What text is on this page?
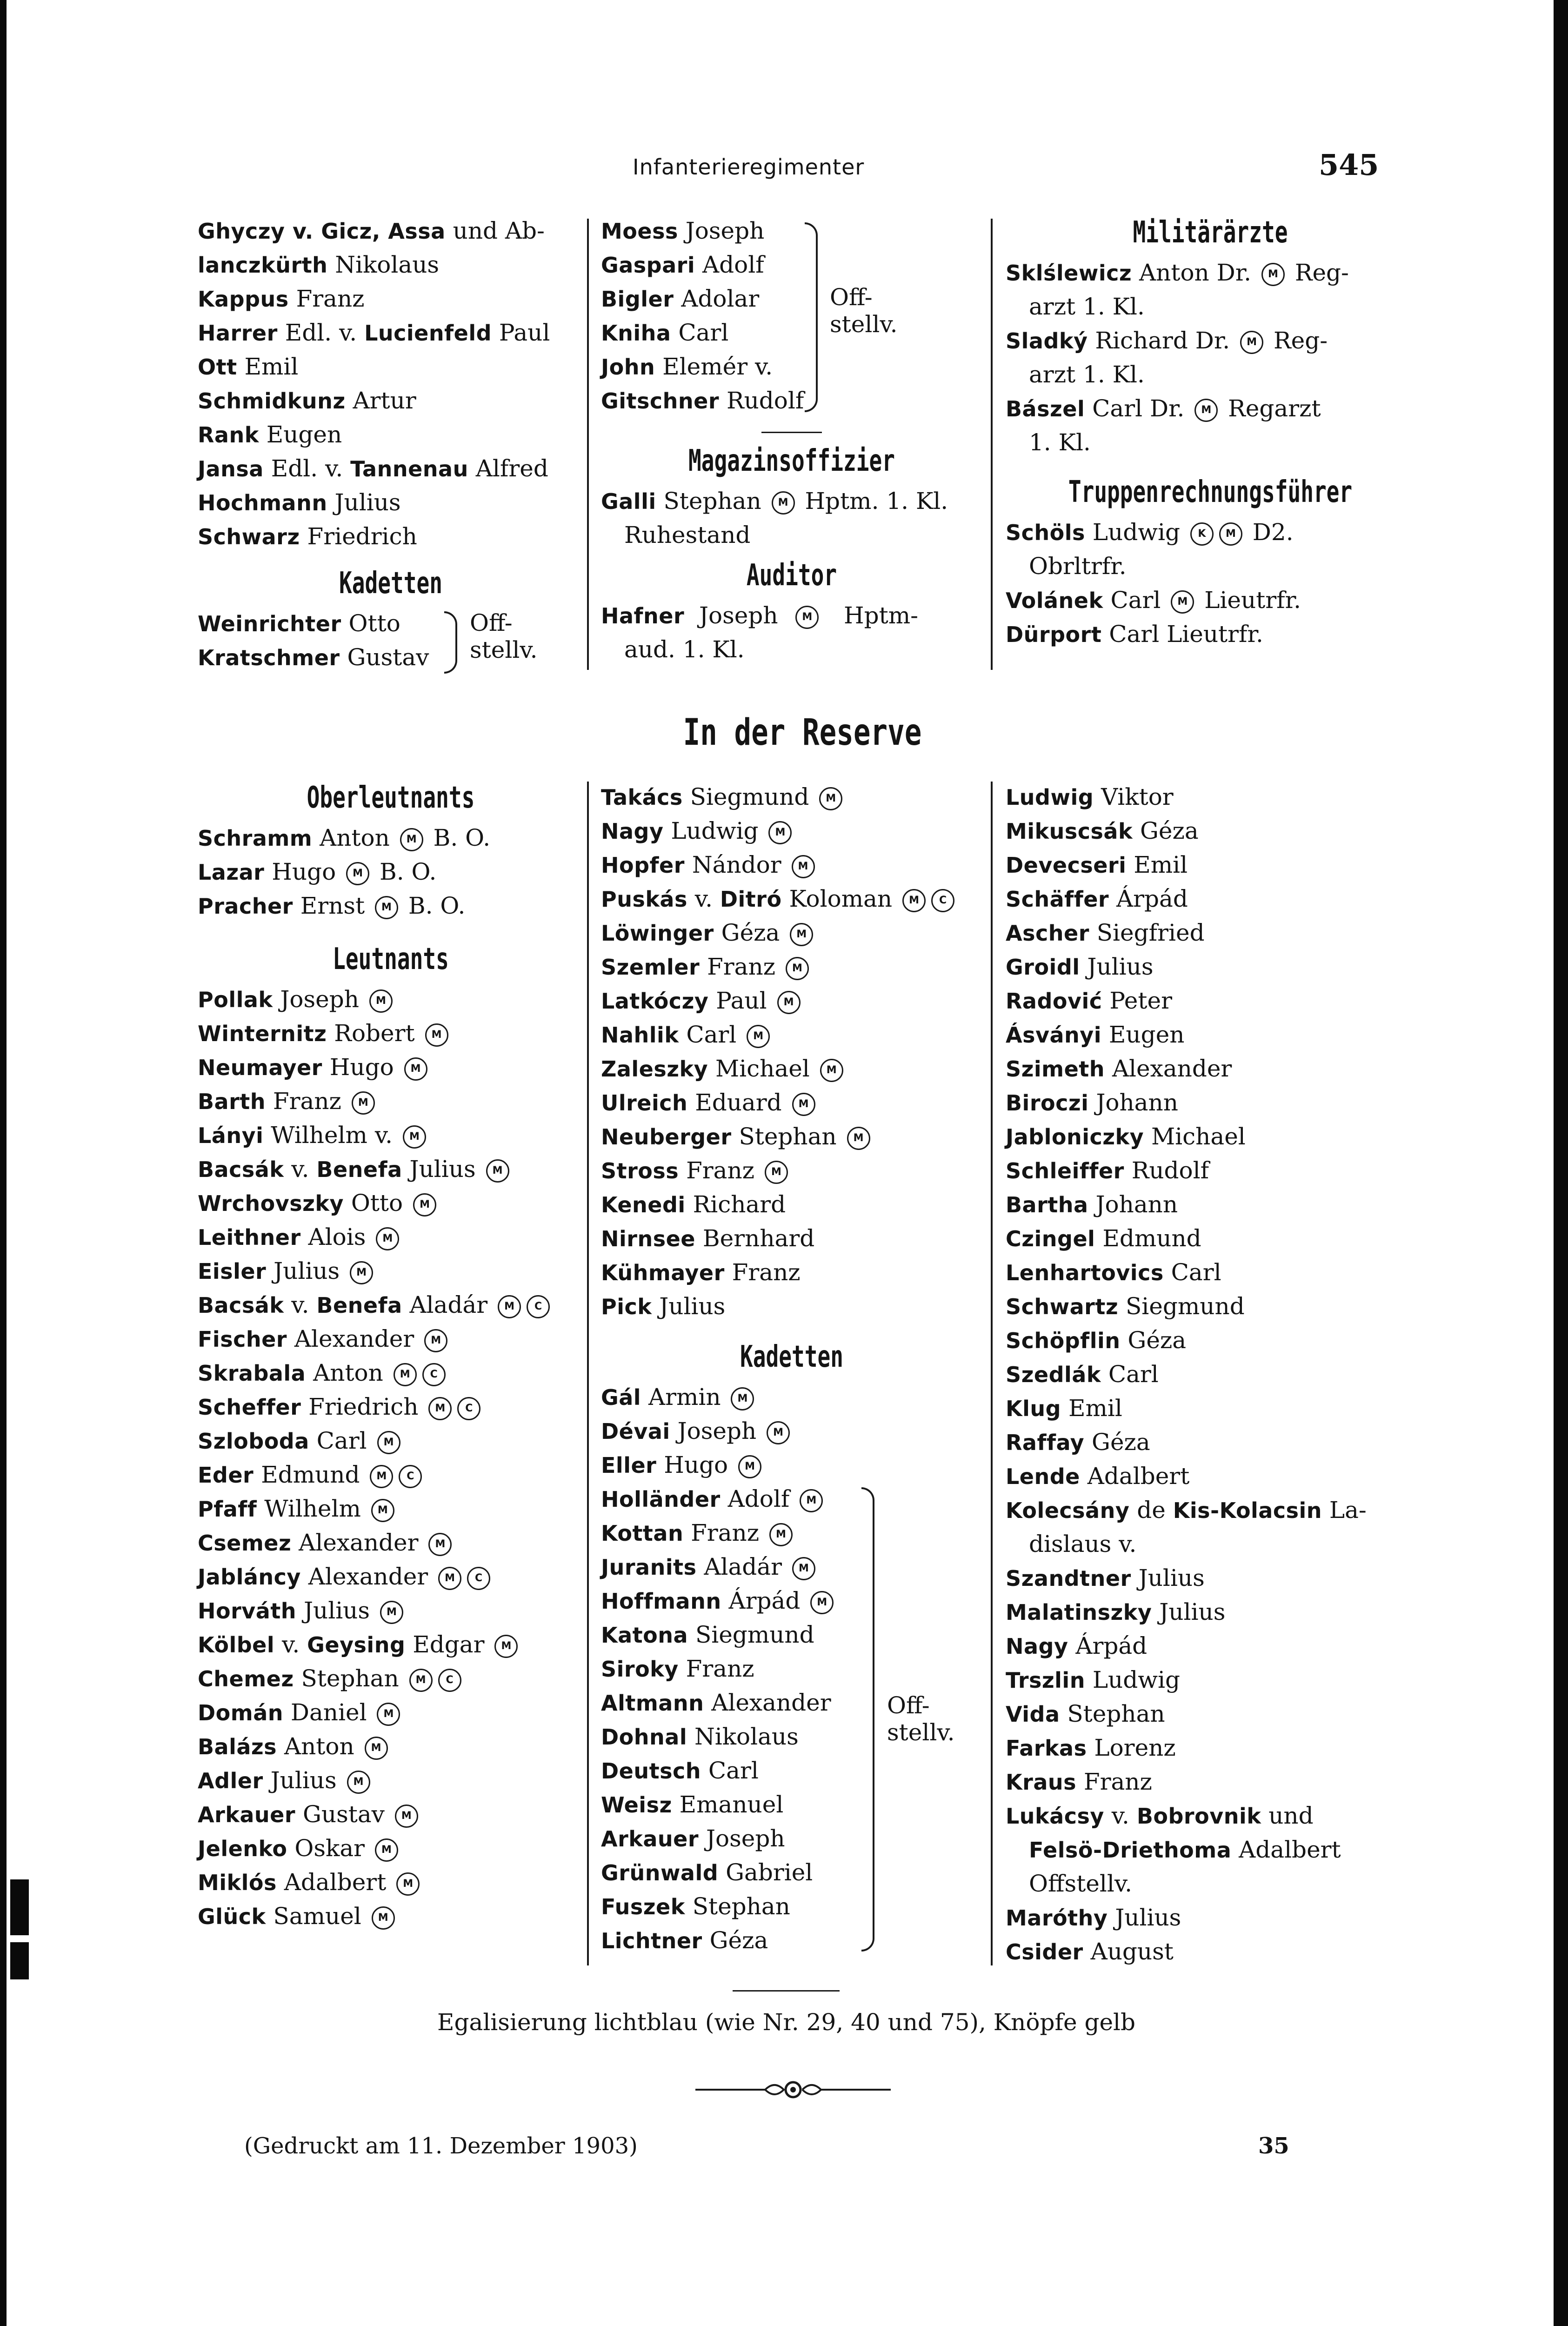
Infanterieregimenter	545
Ghyczy v. Gicz, Assa und Ab-
lanczkürth Nikolaus
Kappus Franz
Harrer Edl. v. Lucienfeld Paul
Ott Emil
Schmidkunz Artur
Rank Eugen
Jansa Edl. v. Tannenau Alfred
Hochmann Julius
Schwarz Friedrich
Kadetten
Weinrichter Otto
Kratschmer Gustav
Off-
stellv.
Moess Joseph
Gaspari Adolf
Bigler Adolar
Kniha Carl
John Elemér v.
Gitschner Rudolf
Off-
stellv.
Magazinsoffizier
Galli Stephan M Hptm. 1. Kl.
Ruhestand
Auditor
Hafner  Joseph  M   Hptm-
aud. 1. Kl.
Militärärzte
Sklślewicz Anton Dr. M Reg-
arzt 1. Kl.
Sladký Richard Dr. M Reg-
arzt 1. Kl.
Bászel Carl Dr. M Regarzt
1. Kl.
Truppenrechnungsführer
Schöls Ludwig K M D2.
Obrltrfr.
Volánek Carl M Lieutrfr.
Dürport Carl Lieutrfr.
In der Reserve
Oberleutnants
Schramm Anton M B. O.
Lazar Hugo M B. O.
Pracher Ernst M B. O.
Leutnants
Pollak Joseph M
Winternitz Robert M
Neumayer Hugo M
Barth Franz M
Lányi Wilhelm v. M
Bacsák v. Benefa Julius M
Wrchovszky Otto M
Leithner Alois M
Eisler Julius M
Bacsák v. Benefa Aladár M C
Fischer Alexander M
Skrabala Anton M C
Scheffer Friedrich M C
Szloboda Carl M
Eder Edmund M C
Pfaff Wilhelm M
Csemez Alexander M
Jabláncy Alexander M C
Horváth Julius M
Kölbel v. Geysing Edgar M
Chemez Stephan M C
Domán Daniel M
Balázs Anton M
Adler Julius M
Arkauer Gustav M
Jelenko Oskar M
Miklós Adalbert M
Glück Samuel M
Takács Siegmund M
Nagy Ludwig M
Hopfer Nándor M
Puskás v. Ditró Koloman M C
Löwinger Géza M
Szemler Franz M
Latkóczy Paul M
Nahlik Carl M
Zaleszky Michael M
Ulreich Eduard M
Neuberger Stephan M
Stross Franz M
Kenedi Richard
Nirnsee Bernhard
Kühmayer Franz
Pick Julius
Kadetten
Gál Armin M
Dévai Joseph M
Eller Hugo M
Holländer Adolf M
Kottan Franz M
Juranits Aladár M
Hoffmann Árpád M
Katona Siegmund
Siroky Franz
Altmann Alexander
Dohnal Nikolaus
Deutsch Carl
Weisz Emanuel
Arkauer Joseph
Grünwald Gabriel
Fuszek Stephan
Lichtner Géza
Off-
stellv.
Ludwig Viktor
Mikuscsák Géza
Devecseri Emil
Schäffer Árpád
Ascher Siegfried
Groidl Julius
Radović Peter
Ásványi Eugen
Szimeth Alexander
Biroczi Johann
Jabloniczky Michael
Schleiffer Rudolf
Bartha Johann
Czingel Edmund
Lenhartovics Carl
Schwartz Siegmund
Schöpflin Géza
Szedlák Carl
Klug Emil
Raffay Géza
Lende Adalbert
Kolecsány de Kis-Kolacsin La-
dislaus v.
Szandtner Julius
Malatinszky Julius
Nagy Árpád
Trszlin Ludwig
Vida Stephan
Farkas Lorenz
Kraus Franz
Lukácsy v. Bobrovnik und
Felsö-Driethoma Adalbert
Offstellv.
Maróthy Julius
Csider August
Egalisierung lichtblau (wie Nr. 29, 40 und 75), Knöpfe gelb
(Gedruckt am 11. Dezember 1903)	35
